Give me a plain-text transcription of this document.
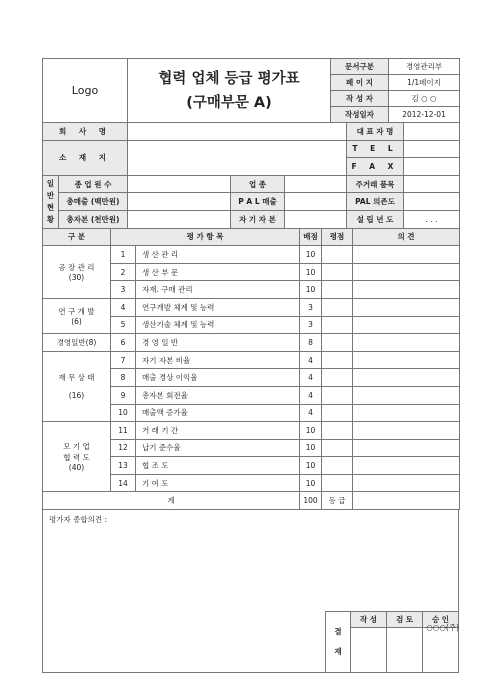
Logo	협력 업체 등급 평가표
(구매부문 A)	문서구분	경영관리부
		페 이 지	1/1페이지
		작 성 자	김 ○ ○
		작성일자	2012-12-01
회 사 명					대 표 자 명	
소 재 지					T E L	
					F A X	

일반현황	종 업 원 수		업 종		주거래 품목	
	총매출 (백만원)		P A L 매출		PAL 의존도	
	총자본 (천만원)		자 기 자 본		설 립 년 도	. . .
구 분	평 가 항 목		배점	평점	의 견

공 장 관 리
(30)	1	생 산 관 리	10		
	2	생 산 부 문	10		
	3	자재. 구매 관리	10		

연 구 개 발
(6)	4	연구개발 체계 및 능력	3		
	5	생산기술 체계 및 능력	3		
경영일반(8)	6	경 영 일 반	8		

재 무 상 태
(16)	7	자기 자본 비율	4		
	8	매출 경상 이익율	4		
	9	총자본 회전율	4		
	10	매출액 증가율	4		

모 기 업
협 력 도
(40)	11	거 래 기 간	10		
	12	납기 준수율	10		
	13	협 조 도	10		
	14	기 여 도	10		
계			100	등 급	
평가자 종합의견 :
결재
	작 성	검 토	승 인

○○○(주)
